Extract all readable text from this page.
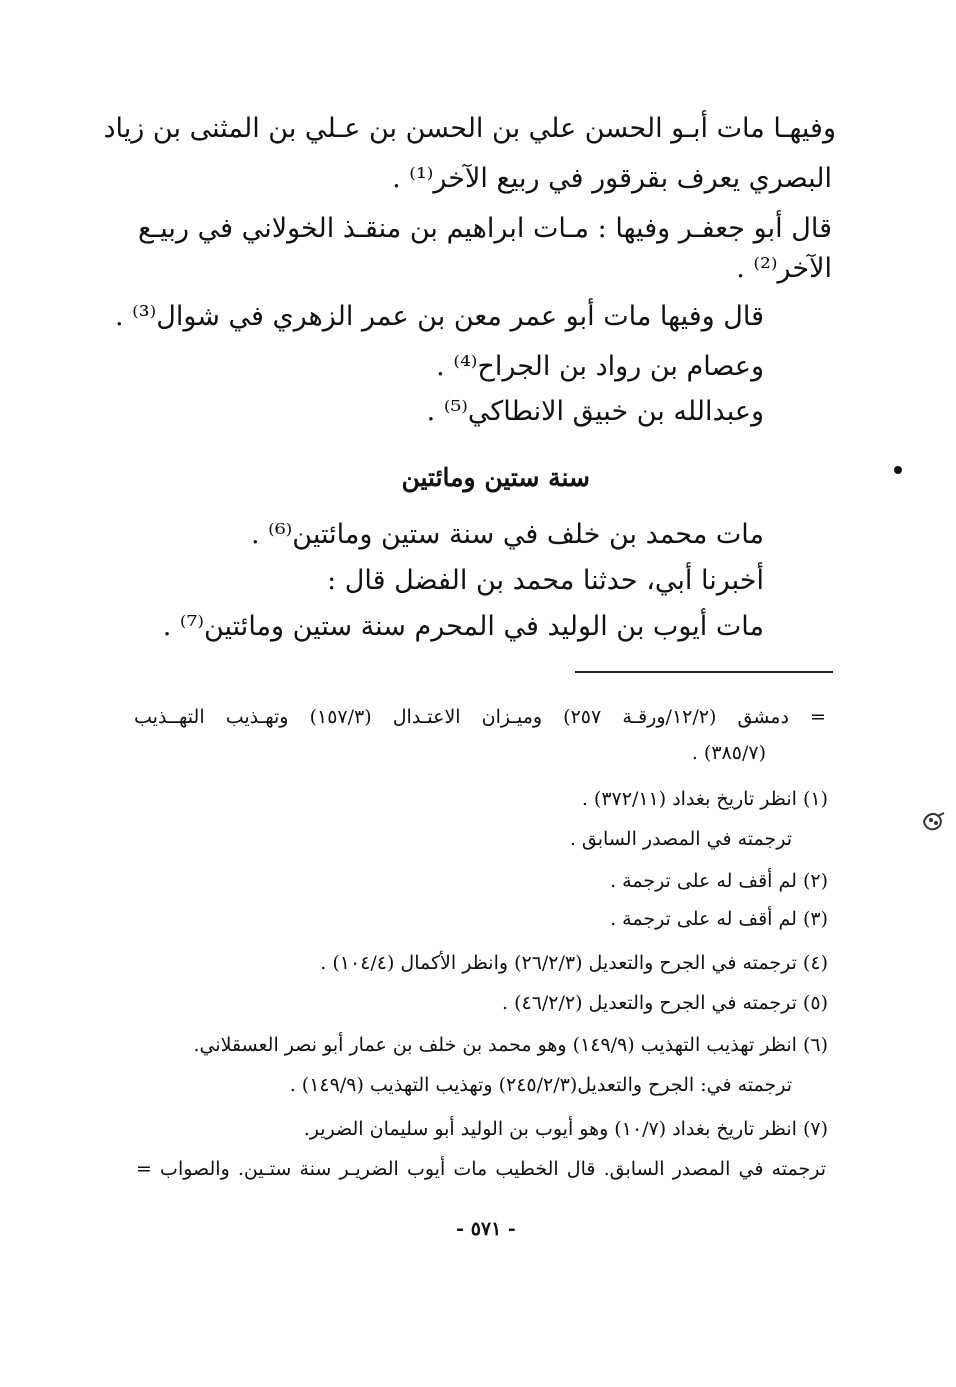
وفيهـا مات أبـو الحسن علي بن الحسن بن عـلي بن المثنى بن زياد
البصري يعرف بقرقور في ربيع الآخر⁽¹⁾ .
قال أبو جعفـر وفيها : مـات ابراهيم بن منقـذ الخولاني في ربيـع
الآخر⁽²⁾ .
قال وفيها مات أبو عمر معن بن عمر الزهري في شوال⁽³⁾ .
وعصام بن رواد بن الجراح⁽⁴⁾ .
وعبدالله بن خبيق الانطاكي⁽⁵⁾ .
سنة ستين ومائتين
مات محمد بن خلف في سنة ستين ومائتين⁽⁶⁾ .
أخبرنا أبي، حدثنا محمد بن الفضل قال :
مات أيوب بن الوليد في المحرم سنة ستين ومائتين⁽⁷⁾ .
= دمشق (١٢/٢/ورقـة ٢٥٧) وميـزان الاعتـدال (١٥٧/٣) وتهـذيب التهــذيب
(٣٨٥/٧) .
(١) انظر تاريخ بغداد (٣٧٢/١١) .
ترجمته في المصدر السابق .
(٢) لم أقف له على ترجمة .
(٣) لم أقف له على ترجمة .
(٤) ترجمته في الجرح والتعديل (٢٦/٢/٣) وانظر الأكمال (١٠٤/٤) .
(٥) ترجمته في الجرح والتعديل (٤٦/٢/٢) .
(٦) انظر تهذيب التهذيب (١٤٩/٩) وهو محمد بن خلف بن عمار أبو نصر العسقلاني.
ترجمته في: الجرح والتعديل(٢٤٥/٢/٣) وتهذيب التهذيب (١٤٩/٩) .
(٧) انظر تاريخ بغداد (١٠/٧) وهو أيوب بن الوليد أبو سليمان الضرير.
ترجمته في المصدر السابق. قال الخطيب مات أيوب الضريـر سنة ستـين. والصواب =
- ٥٧١ -
